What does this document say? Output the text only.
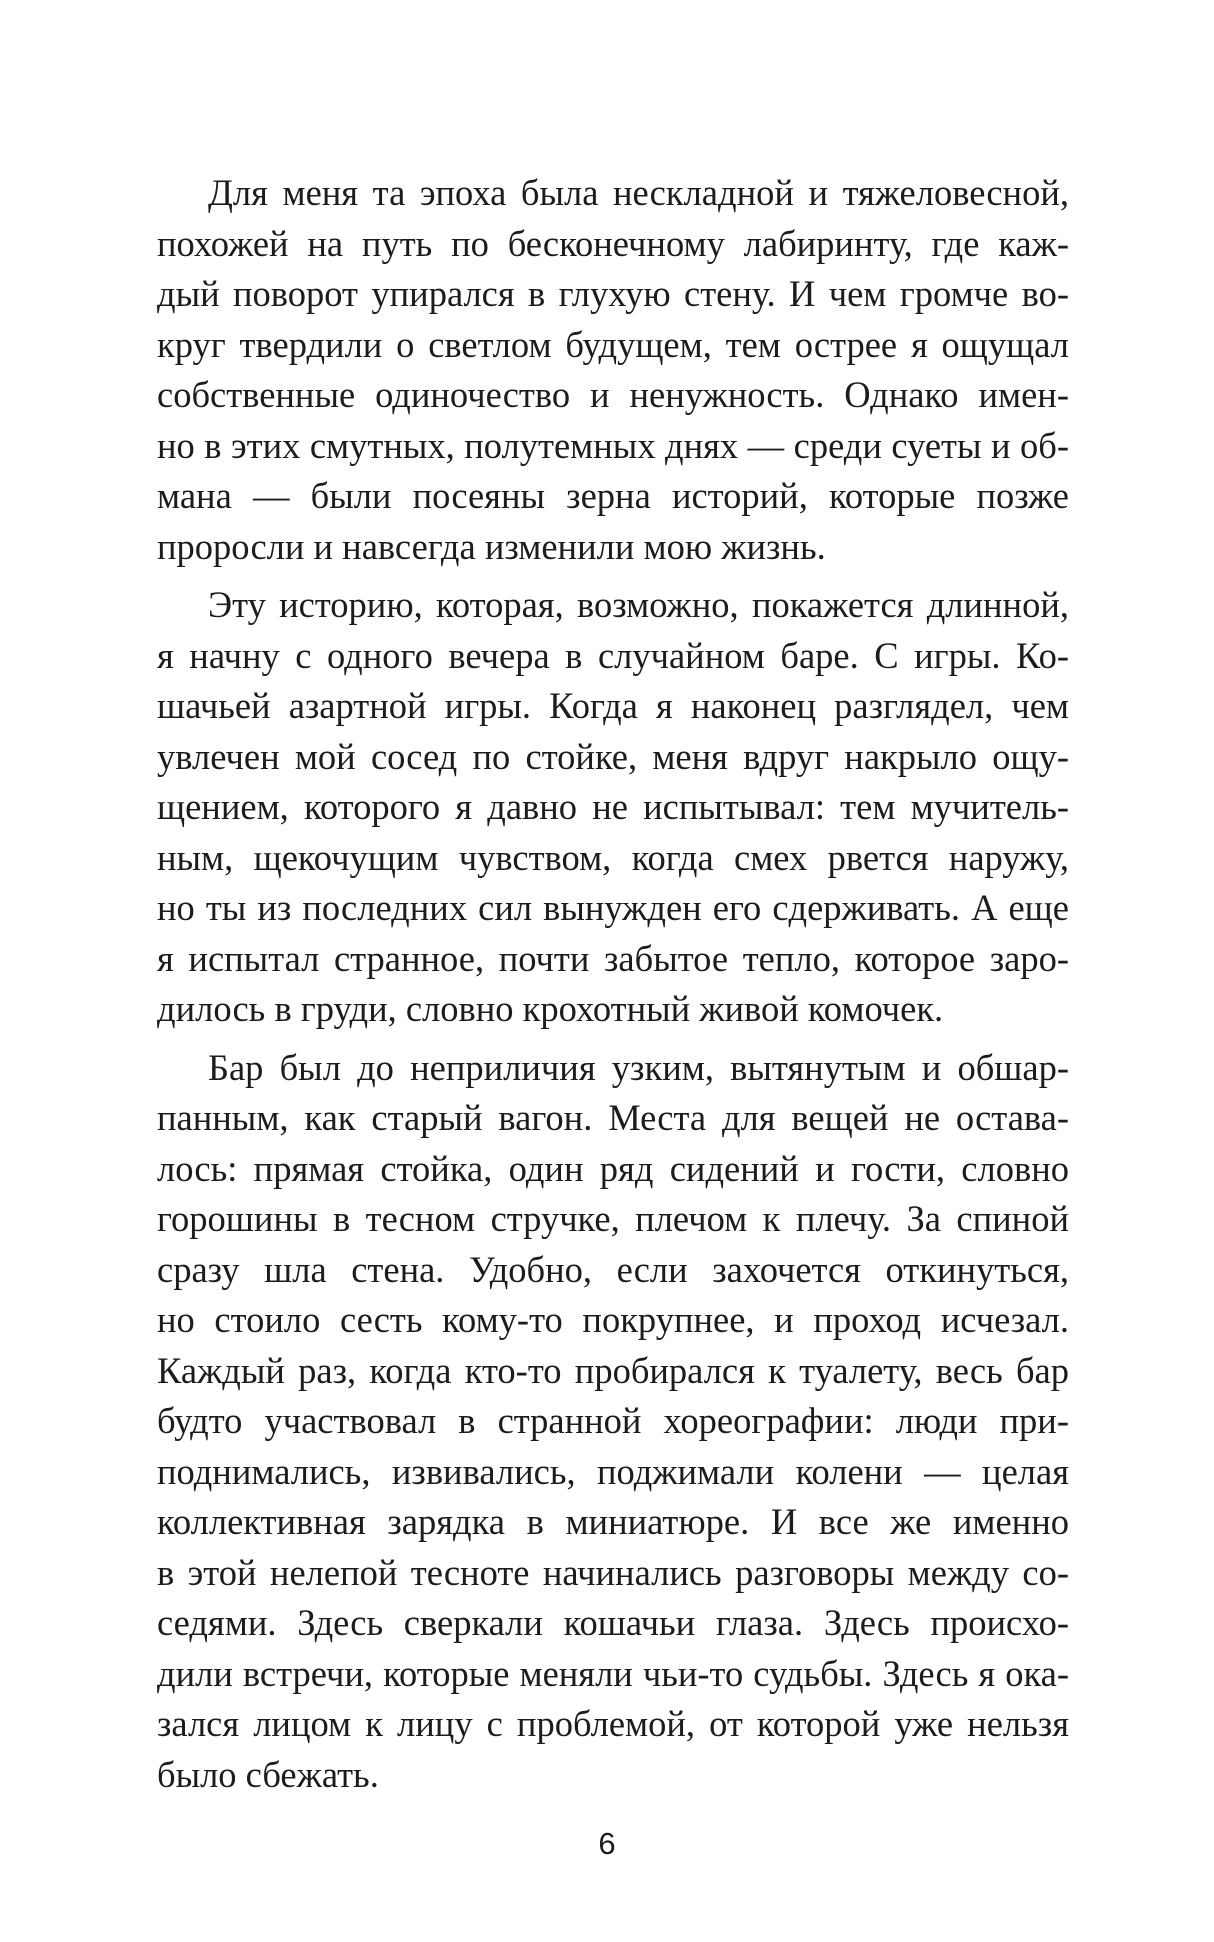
Для меня та эпоха была нескладной и тяжеловесной,
похожей на путь по бесконечному лабиринту, где каж-
дый поворот упирался в глухую стену. И чем громче во-
круг твердили о светлом будущем, тем острее я ощущал
собственные одиночество и ненужность. Однако имен-
но в этих смутных, полутемных днях — среди суеты и об-
мана — были посеяны зерна историй, которые позже
проросли и навсегда изменили мою жизнь.

Эту историю, которая, возможно, покажется длинной,
я начну с одного вечера в случайном баре. С игры. Ко-
шачьей азартной игры. Когда я наконец разглядел, чем
увлечен мой сосед по стойке, меня вдруг накрыло ощу-
щением, которого я давно не испытывал: тем мучитель-
ным, щекочущим чувством, когда смех рвется наружу,
но ты из последних сил вынужден его сдерживать. А еще
я испытал странное, почти забытое тепло, которое заро-
дилось в груди, словно крохотный живой комочек.

Бар был до неприличия узким, вытянутым и обшар-
панным, как старый вагон. Места для вещей не остава-
лось: прямая стойка, один ряд сидений и гости, словно
горошины в тесном стручке, плечом к плечу. За спиной
сразу шла стена. Удобно, если захочется откинуться,
но стоило сесть кому-то покрупнее, и проход исчезал.
Каждый раз, когда кто-то пробирался к туалету, весь бар
будто участвовал в странной хореографии: люди при-
поднимались, извивались, поджимали колени — целая
коллективная зарядка в миниатюре. И все же именно
в этой нелепой тесноте начинались разговоры между со-
седями. Здесь сверкали кошачьи глаза. Здесь происхо-
дили встречи, которые меняли чьи-то судьбы. Здесь я ока-
зался лицом к лицу с проблемой, от которой уже нельзя
было сбежать.

6
